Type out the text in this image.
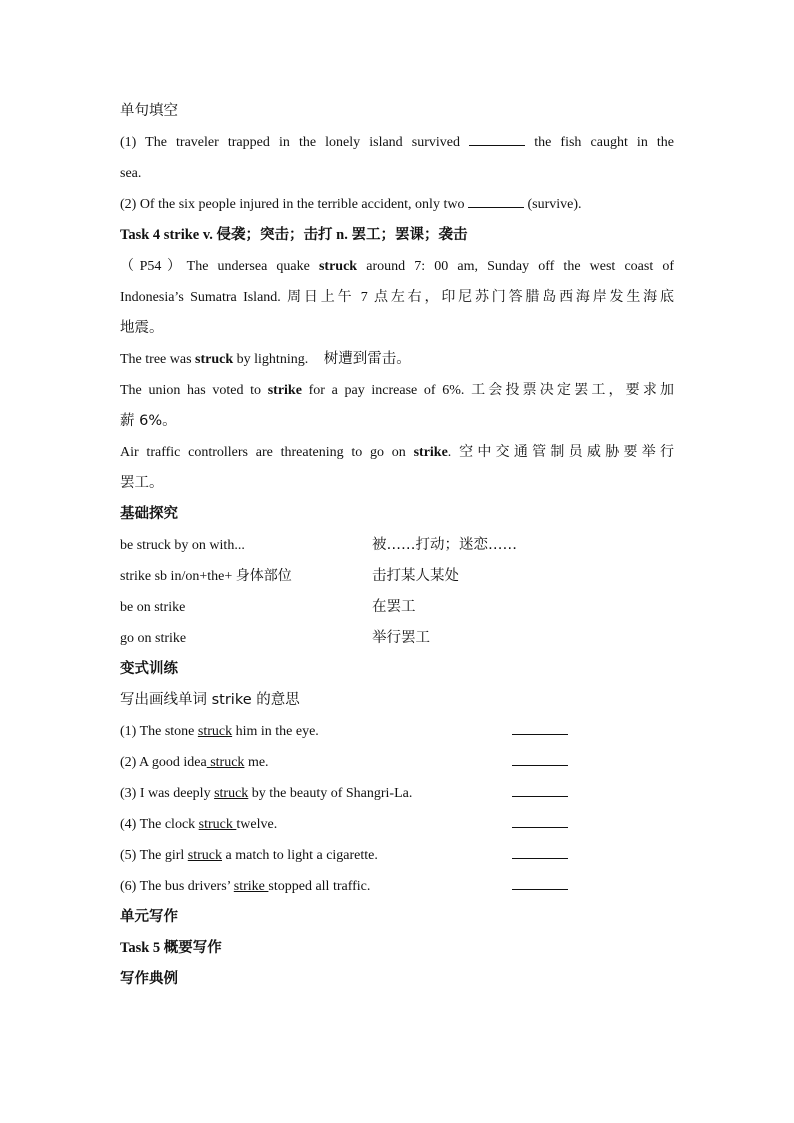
单句填空
(1) The traveler trapped in the lonely island survived	the fish caught in the
sea.
(2) Of the six people injured in the terrible accident, only two	(survive).
Task 4 strike v. 侵袭；突击；击打 n. 罢工；罢课；袭击
（P54）The undersea quake struck around 7: 00 am, Sunday off the west coast of
Indonesia’s Sumatra Island. 周日上午 7 点左右，印尼苏门答腊岛西海岸发生海底
地震。
The tree was struck by lightning. 树遭到雷击。
The union has voted to strike for a pay increase of 6%. 工会投票决定罢工，要求加
薪 6%。
Air traffic controllers are threatening to go on strike. 空中交通管制员威胁要举行
罢工。
基础探究
be struck by on with...	被……打动；迷恋……
strike sb in/on+the+ 身体部位	击打某人某处
be on strike	在罢工
go on strike	举行罢工
变式训练
写出画线单词 strike 的意思
(1) The stone struck him in the eye.
(2) A good idea struck me.
(3) I was deeply struck by the beauty of Shangri-La.
(4) The clock struck twelve.
(5) The girl struck a match to light a cigarette.
(6) The bus drivers’ strike stopped all traffic.
单元写作
Task 5 概要写作
写作典例
